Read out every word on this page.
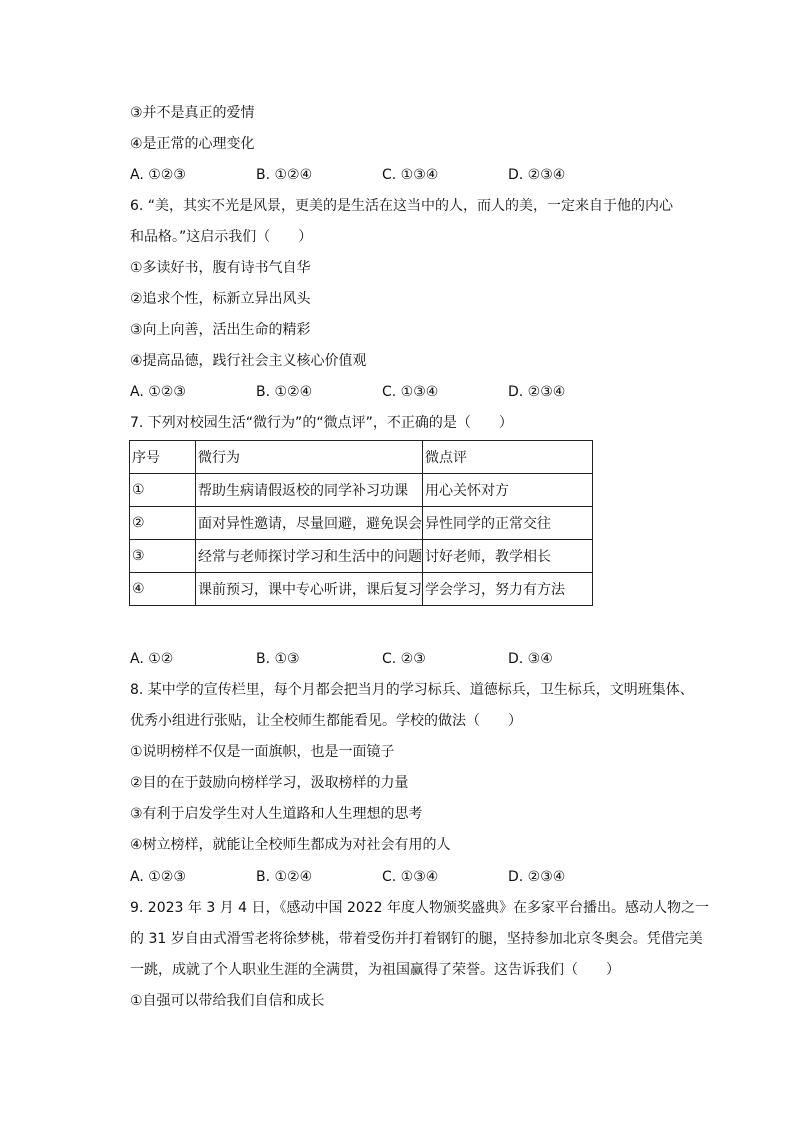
③并不是真正的爱情
④是正常的心理变化
A. ①②③	B. ①②④	C. ①③④	D. ②③④
6. “美，其实不光是风景，更美的是生活在这当中的人，而人的美，一定来自于他的内心
和品格。”这启示我们（　　）
①多读好书，腹有诗书气自华
②追求个性，标新立异出风头
③向上向善，活出生命的精彩
④提高品德，践行社会主义核心价值观
A. ①②③	B. ①②④	C. ①③④	D. ②③④
7. 下列对校园生活“微行为”的“微点评”，不正确的是（　　）
序号	微行为	微点评
①	帮助生病请假返校的同学补习功课	用心关怀对方
②	面对异性邀请，尽量回避，避免误会	异性同学的正常交往
③	经常与老师探讨学习和生活中的问题	讨好老师，教学相长
④	课前预习，课中专心听讲，课后复习	学会学习，努力有方法
A. ①②	B. ①③	C. ②③	D. ③④
8. 某中学的宣传栏里，每个月都会把当月的学习标兵、道德标兵，卫生标兵，文明班集体、
优秀小组进行张贴，让全校师生都能看见。学校的做法（　　）
①说明榜样不仅是一面旗帜，也是一面镜子
②目的在于鼓励向榜样学习，汲取榜样的力量
③有利于启发学生对人生道路和人生理想的思考
④树立榜样，就能让全校师生都成为对社会有用的人
A. ①②③	B. ①②④	C. ①③④	D. ②③④
9. 2023 年 3 月 4 日，《感动中国 2022 年度人物颁奖盛典》在多家平台播出。感动人物之一
的 31 岁自由式滑雪老将徐梦桃，带着受伤并打着钢钉的腿，坚持参加北京冬奥会。凭借完美
一跳，成就了个人职业生涯的全满贯，为祖国赢得了荣誉。这告诉我们（　　）
①自强可以带给我们自信和成长
